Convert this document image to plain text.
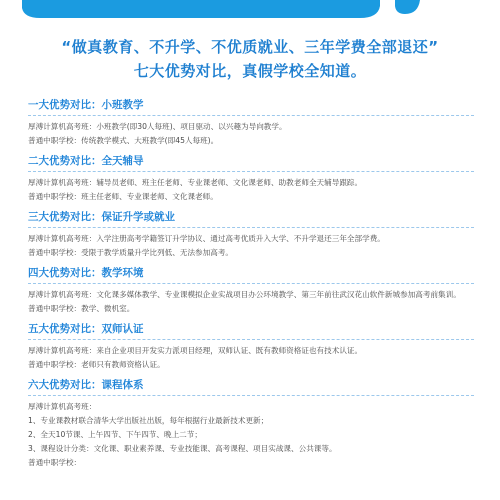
“做真教育、不升学、不优质就业、三年学费全部退还”
七大优势对比，真假学校全知道。
一大优势对比：小班教学
厚溥计算机高考班：小班教学(即30人每班)、项目驱动、以兴趣为导向教学。
普通中职学校：传统教学模式、大班教学(即45人每班)。
二大优势对比：全天辅导
厚溥计算机高考班：辅导员老师、班主任老师、专业课老师、文化课老师、助教老师全天辅导跟踪。
普通中职学校：班主任老师、专业课老师、文化课老师。
三大优势对比：保证升学或就业
厚溥计算机高考班：入学注册高考学籍签订升学协议、通过高考优质升入大学、不升学退还三年全部学费。
普通中职学校：受限于教学质量升学比列低、无法参加高考。
四大优势对比：教学环境
厚溥计算机高考班：文化课多媒体教学、专业课模拟企业实战项目办公环境教学、第三年前往武汉花山软件新城参加高考前集训。
普通中职学校：教学、微机室。
五大优势对比：双师认证
厚溥计算机高考班：来自企业项目开发实力派项目经理，双师认证、既有教师资格证也有技术认证。
普通中职学校：老师只有教师资格认证。
六大优势对比：课程体系
厚溥计算机高考班：
1、专业课教材联合清华大学出版社出版，每年根据行业最新技术更新；
2、全天10节课、上午四节、下午四节、晚上二节；
3、课程设计分类：文化课、职业素养课、专业技能课、高考课程、项目实战课、公共课等。
普通中职学校：
